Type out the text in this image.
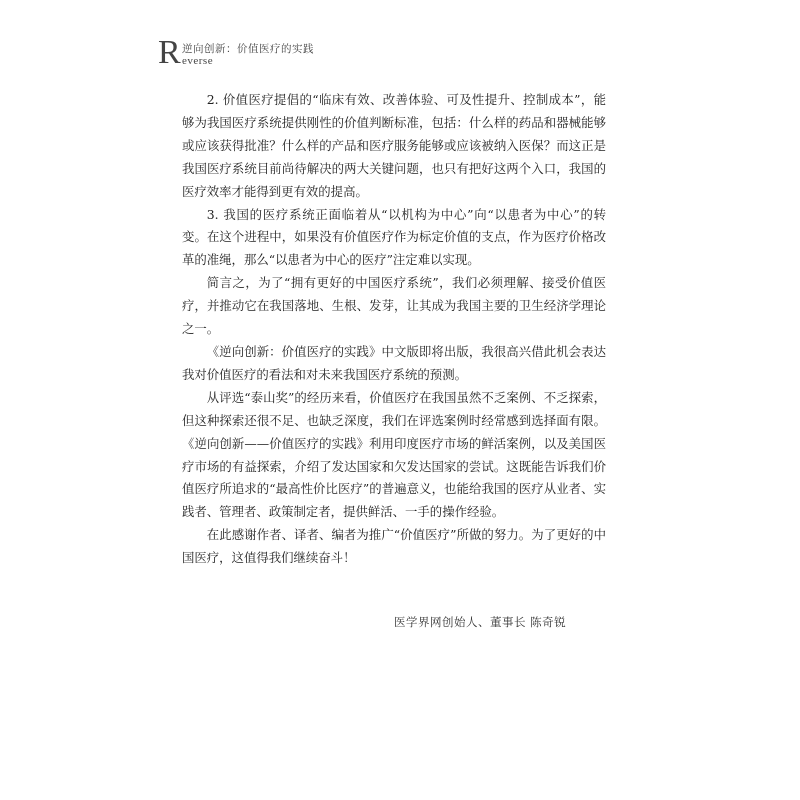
R 逆向创新：价值医疗的实践
everse

2. 价值医疗提倡的“临床有效、改善体验、可及性提升、控制成本”，能够为我国医疗系统提供刚性的价值判断标准，包括：什么样的药品和器械能够或应该获得批准？什么样的产品和医疗服务能够或应该被纳入医保？而这正是我国医疗系统目前尚待解决的两大关键问题，也只有把好这两个入口，我国的医疗效率才能得到更有效的提高。

3. 我国的医疗系统正面临着从“以机构为中心”向“以患者为中心”的转变。在这个进程中，如果没有价值医疗作为标定价值的支点，作为医疗价格改革的准绳，那么“以患者为中心的医疗”注定难以实现。

简言之，为了“拥有更好的中国医疗系统”，我们必须理解、接受价值医疗，并推动它在我国落地、生根、发芽，让其成为我国主要的卫生经济学理论之一。

《逆向创新：价值医疗的实践》中文版即将出版，我很高兴借此机会表达我对价值医疗的看法和对未来我国医疗系统的预测。

从评选“泰山奖”的经历来看，价值医疗在我国虽然不乏案例、不乏探索，但这种探索还很不足、也缺乏深度，我们在评选案例时经常感到选择面有限。《逆向创新——价值医疗的实践》利用印度医疗市场的鲜活案例，以及美国医疗市场的有益探索，介绍了发达国家和欠发达国家的尝试。这既能告诉我们价值医疗所追求的“最高性价比医疗”的普遍意义，也能给我国的医疗从业者、实践者、管理者、政策制定者，提供鲜活、一手的操作经验。

在此感谢作者、译者、编者为推广“价值医疗”所做的努力。为了更好的中国医疗，这值得我们继续奋斗！

医学界网创始人、董事长 陈奇锐
